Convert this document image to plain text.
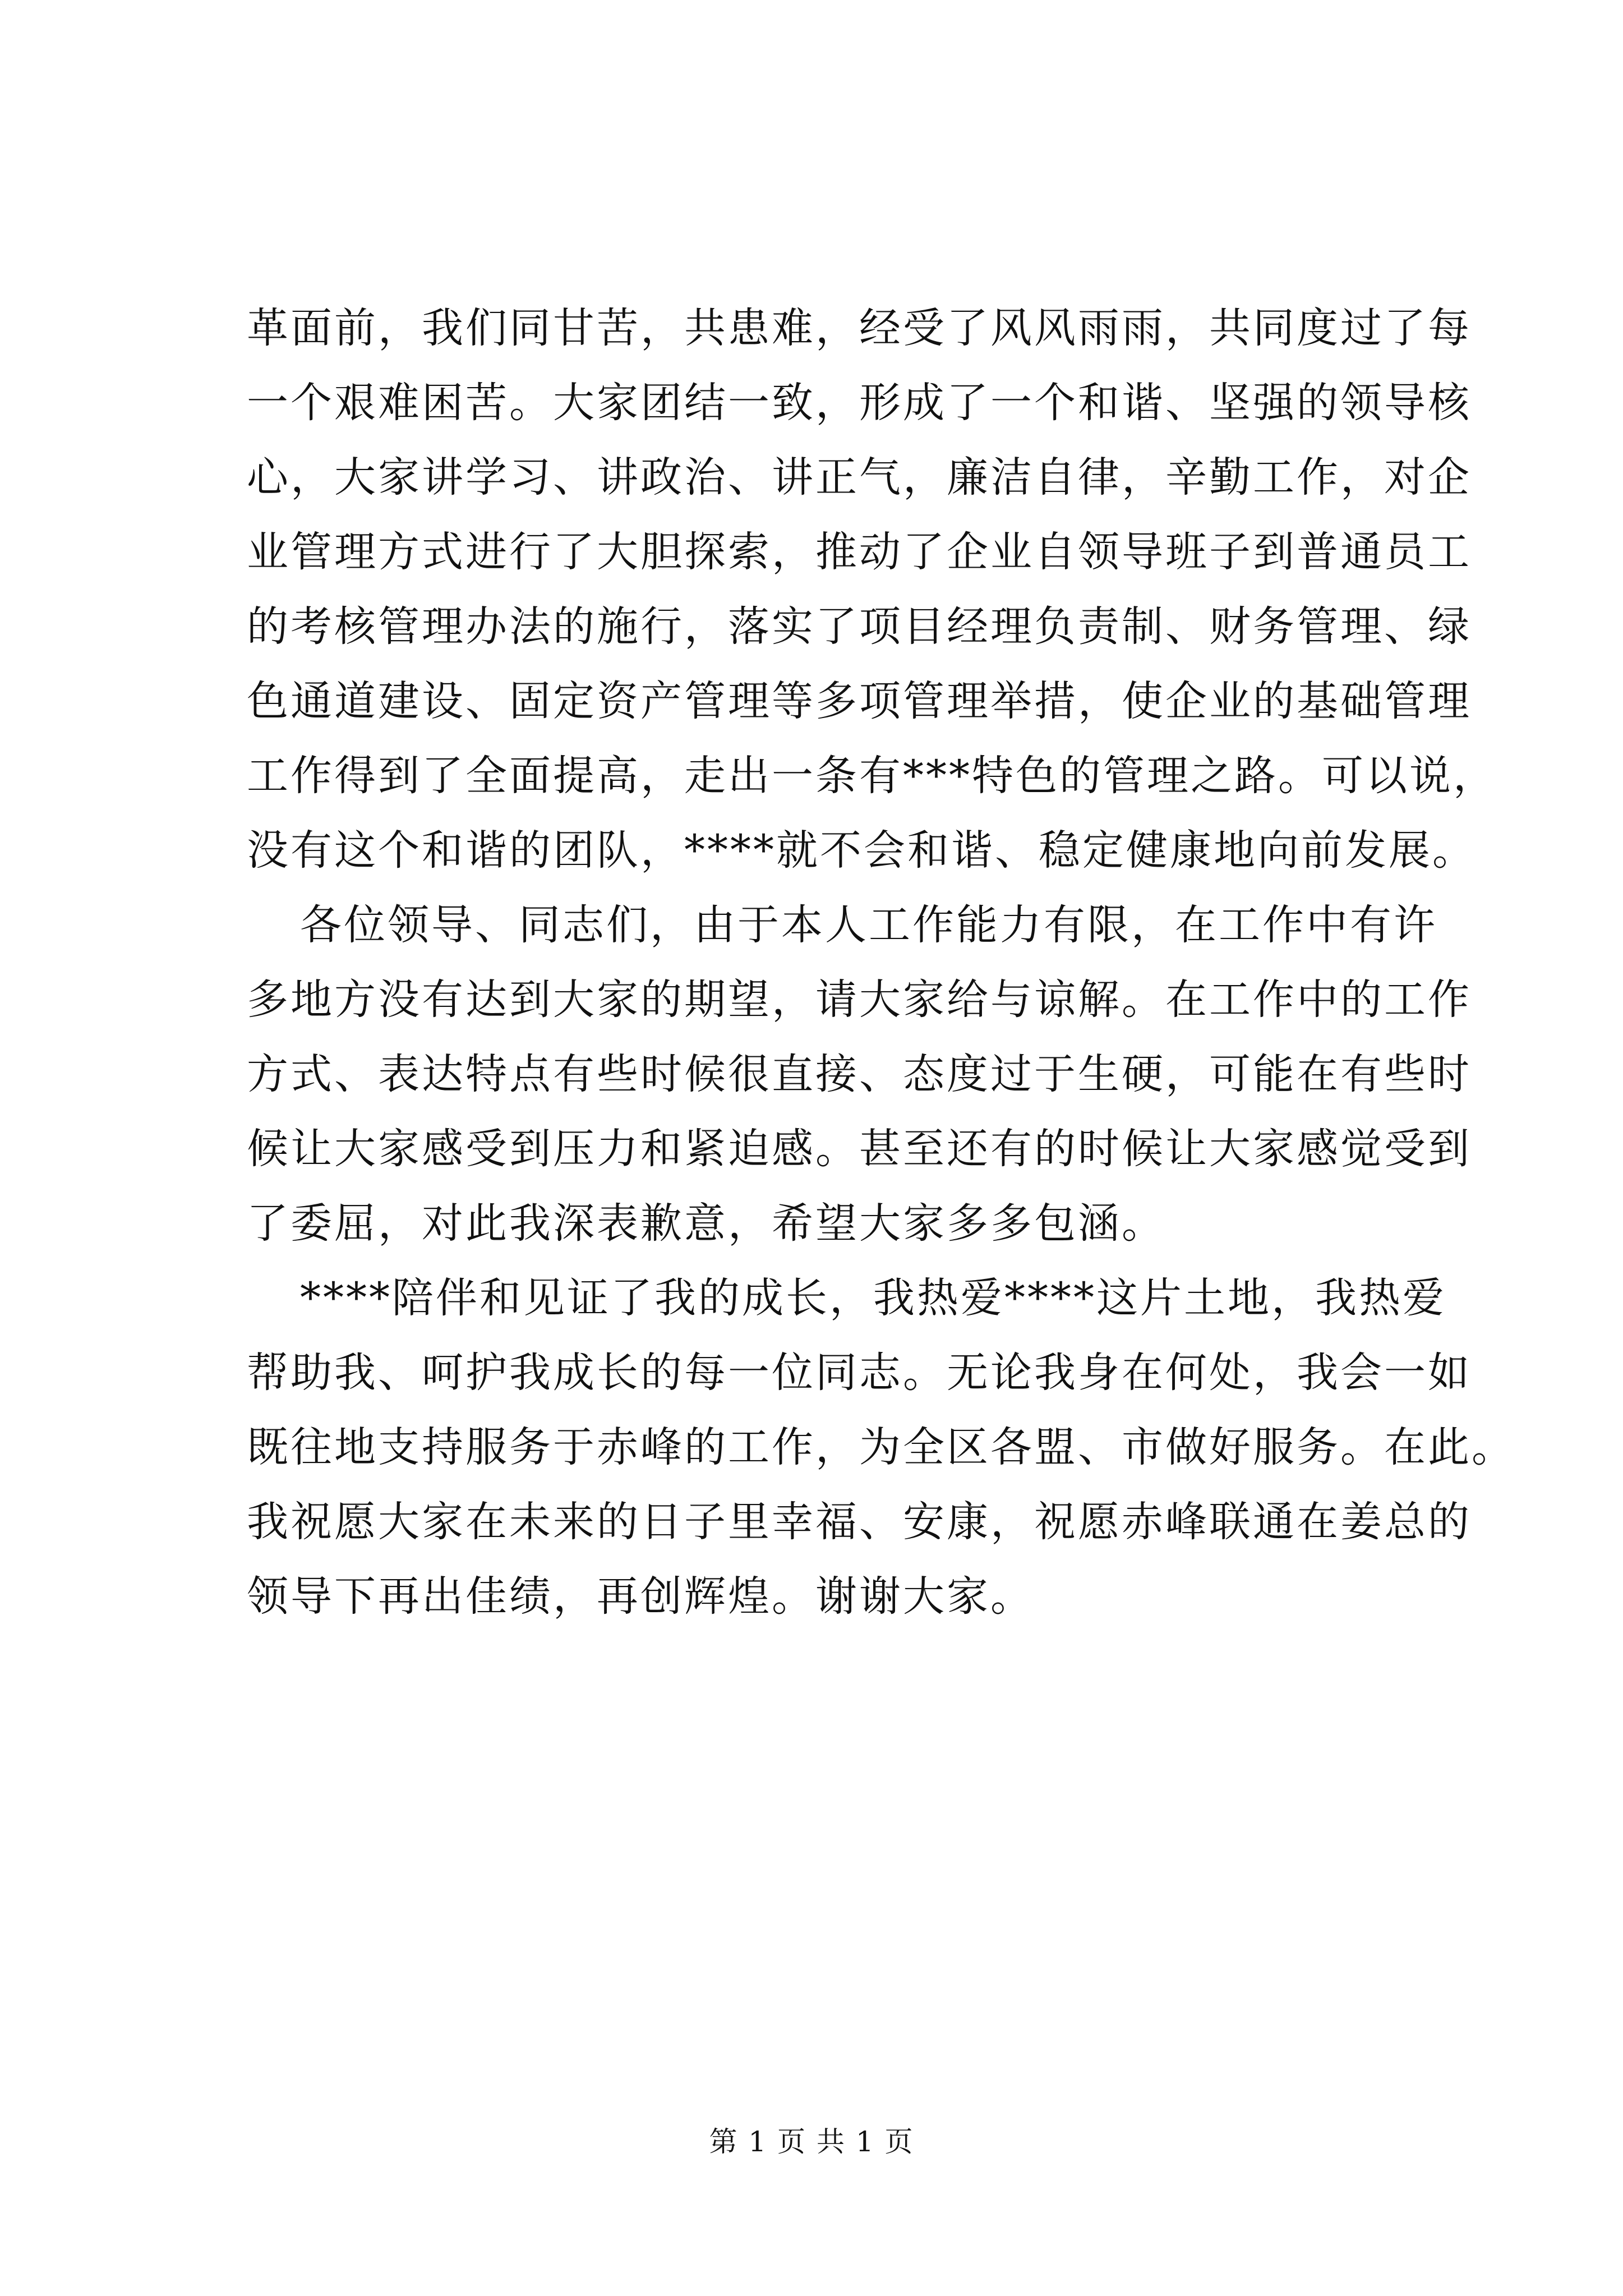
革面前，我们同甘苦，共患难，经受了风风雨雨，共同度过了每
一个艰难困苦。大家团结一致，形成了一个和谐、坚强的领导核
心，大家讲学习、讲政治、讲正气，廉洁自律，辛勤工作，对企
业管理方式进行了大胆探索，推动了企业自领导班子到普通员工
的考核管理办法的施行，落实了项目经理负责制、财务管理、绿
色通道建设、固定资产管理等多项管理举措，使企业的基础管理
工作得到了全面提高，走出一条有***特色的管理之路。可以说，
没有这个和谐的团队，****就不会和谐、稳定健康地向前发展。
各位领导、同志们，由于本人工作能力有限，在工作中有许
多地方没有达到大家的期望，请大家给与谅解。在工作中的工作
方式、表达特点有些时候很直接、态度过于生硬，可能在有些时
候让大家感受到压力和紧迫感。甚至还有的时候让大家感觉受到
了委屈，对此我深表歉意，希望大家多多包涵。
****陪伴和见证了我的成长，我热爱****这片土地，我热爱
帮助我、呵护我成长的每一位同志。无论我身在何处，我会一如
既往地支持服务于赤峰的工作，为全区各盟、市做好服务。在此。
我祝愿大家在未来的日子里幸福、安康，祝愿赤峰联通在姜总的
领导下再出佳绩，再创辉煌。谢谢大家。
第 1 页 共 1 页
